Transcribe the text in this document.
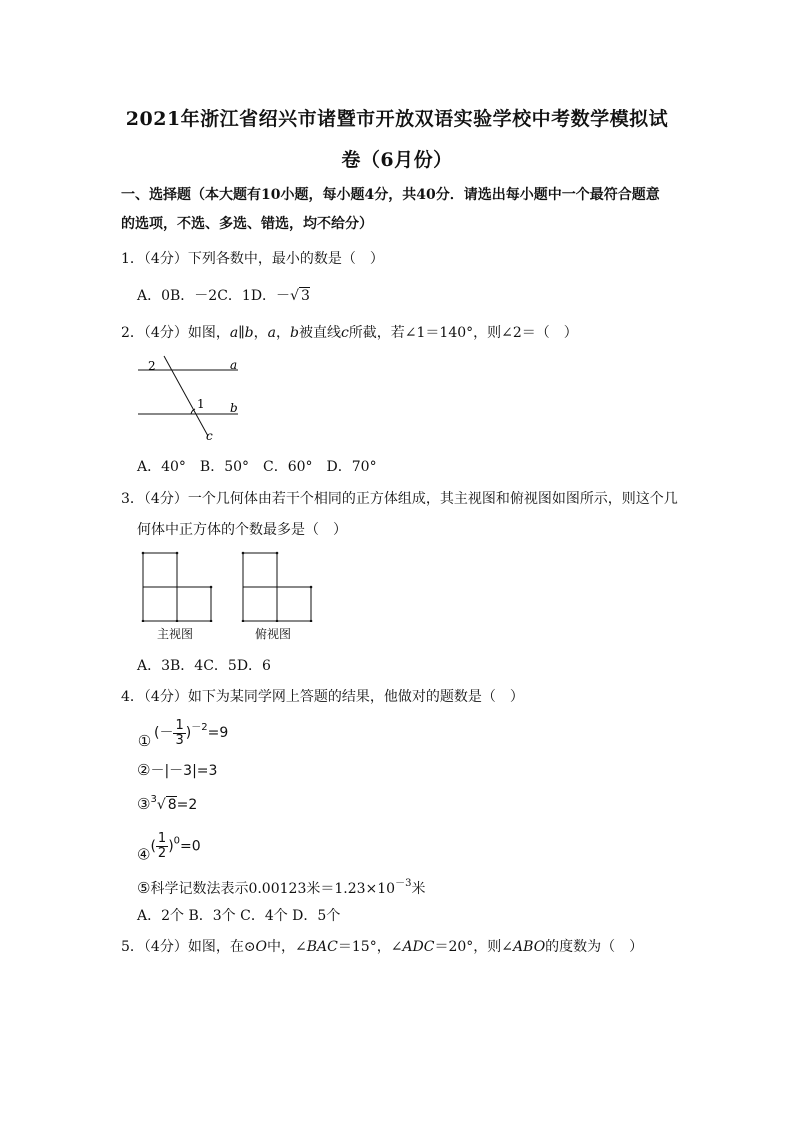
2021年浙江省绍兴市诸暨市开放双语实验学校中考数学模拟试
卷（6月份）
一、选择题（本大题有10小题，每小题4分，共40分．请选出每小题中一个最符合题意
的选项，不选、多选、错选，均不给分）
1．（4分）下列各数中，最小的数是（　）
A．0B．－2C．1D．－√ 3
2．（4分）如图，a∥b，a，b被直线c所截，若∠1＝140°，则∠2＝（　）
2
1
a
b
c
A．40°　B．50°　C．60°　D．70°
3．（4分）一个几何体由若干个相同的正方体组成，其主视图和俯视图如图所示，则这个几
何体中正方体的个数最多是（　）
主视图	俯视图
A．3B．4C．5D．6
4．（4分）如下为某同学网上答题的结果，他做对的题数是（　）
① (－ $\frac{1}{3} )^{-2}=9$
②－|－3|=3
③$^3$√ 8=2
④( $\frac{1}{2} )^0=0$
⑤科学记数法表示0.00123米$=1.23\times 10^{-3}$米
A．2个 B．3个 C．4个 D．5个
5．（4分）如图，在⊙O中，∠BAC＝15°，∠ADC＝20°，则∠ABO的度数为（　）
